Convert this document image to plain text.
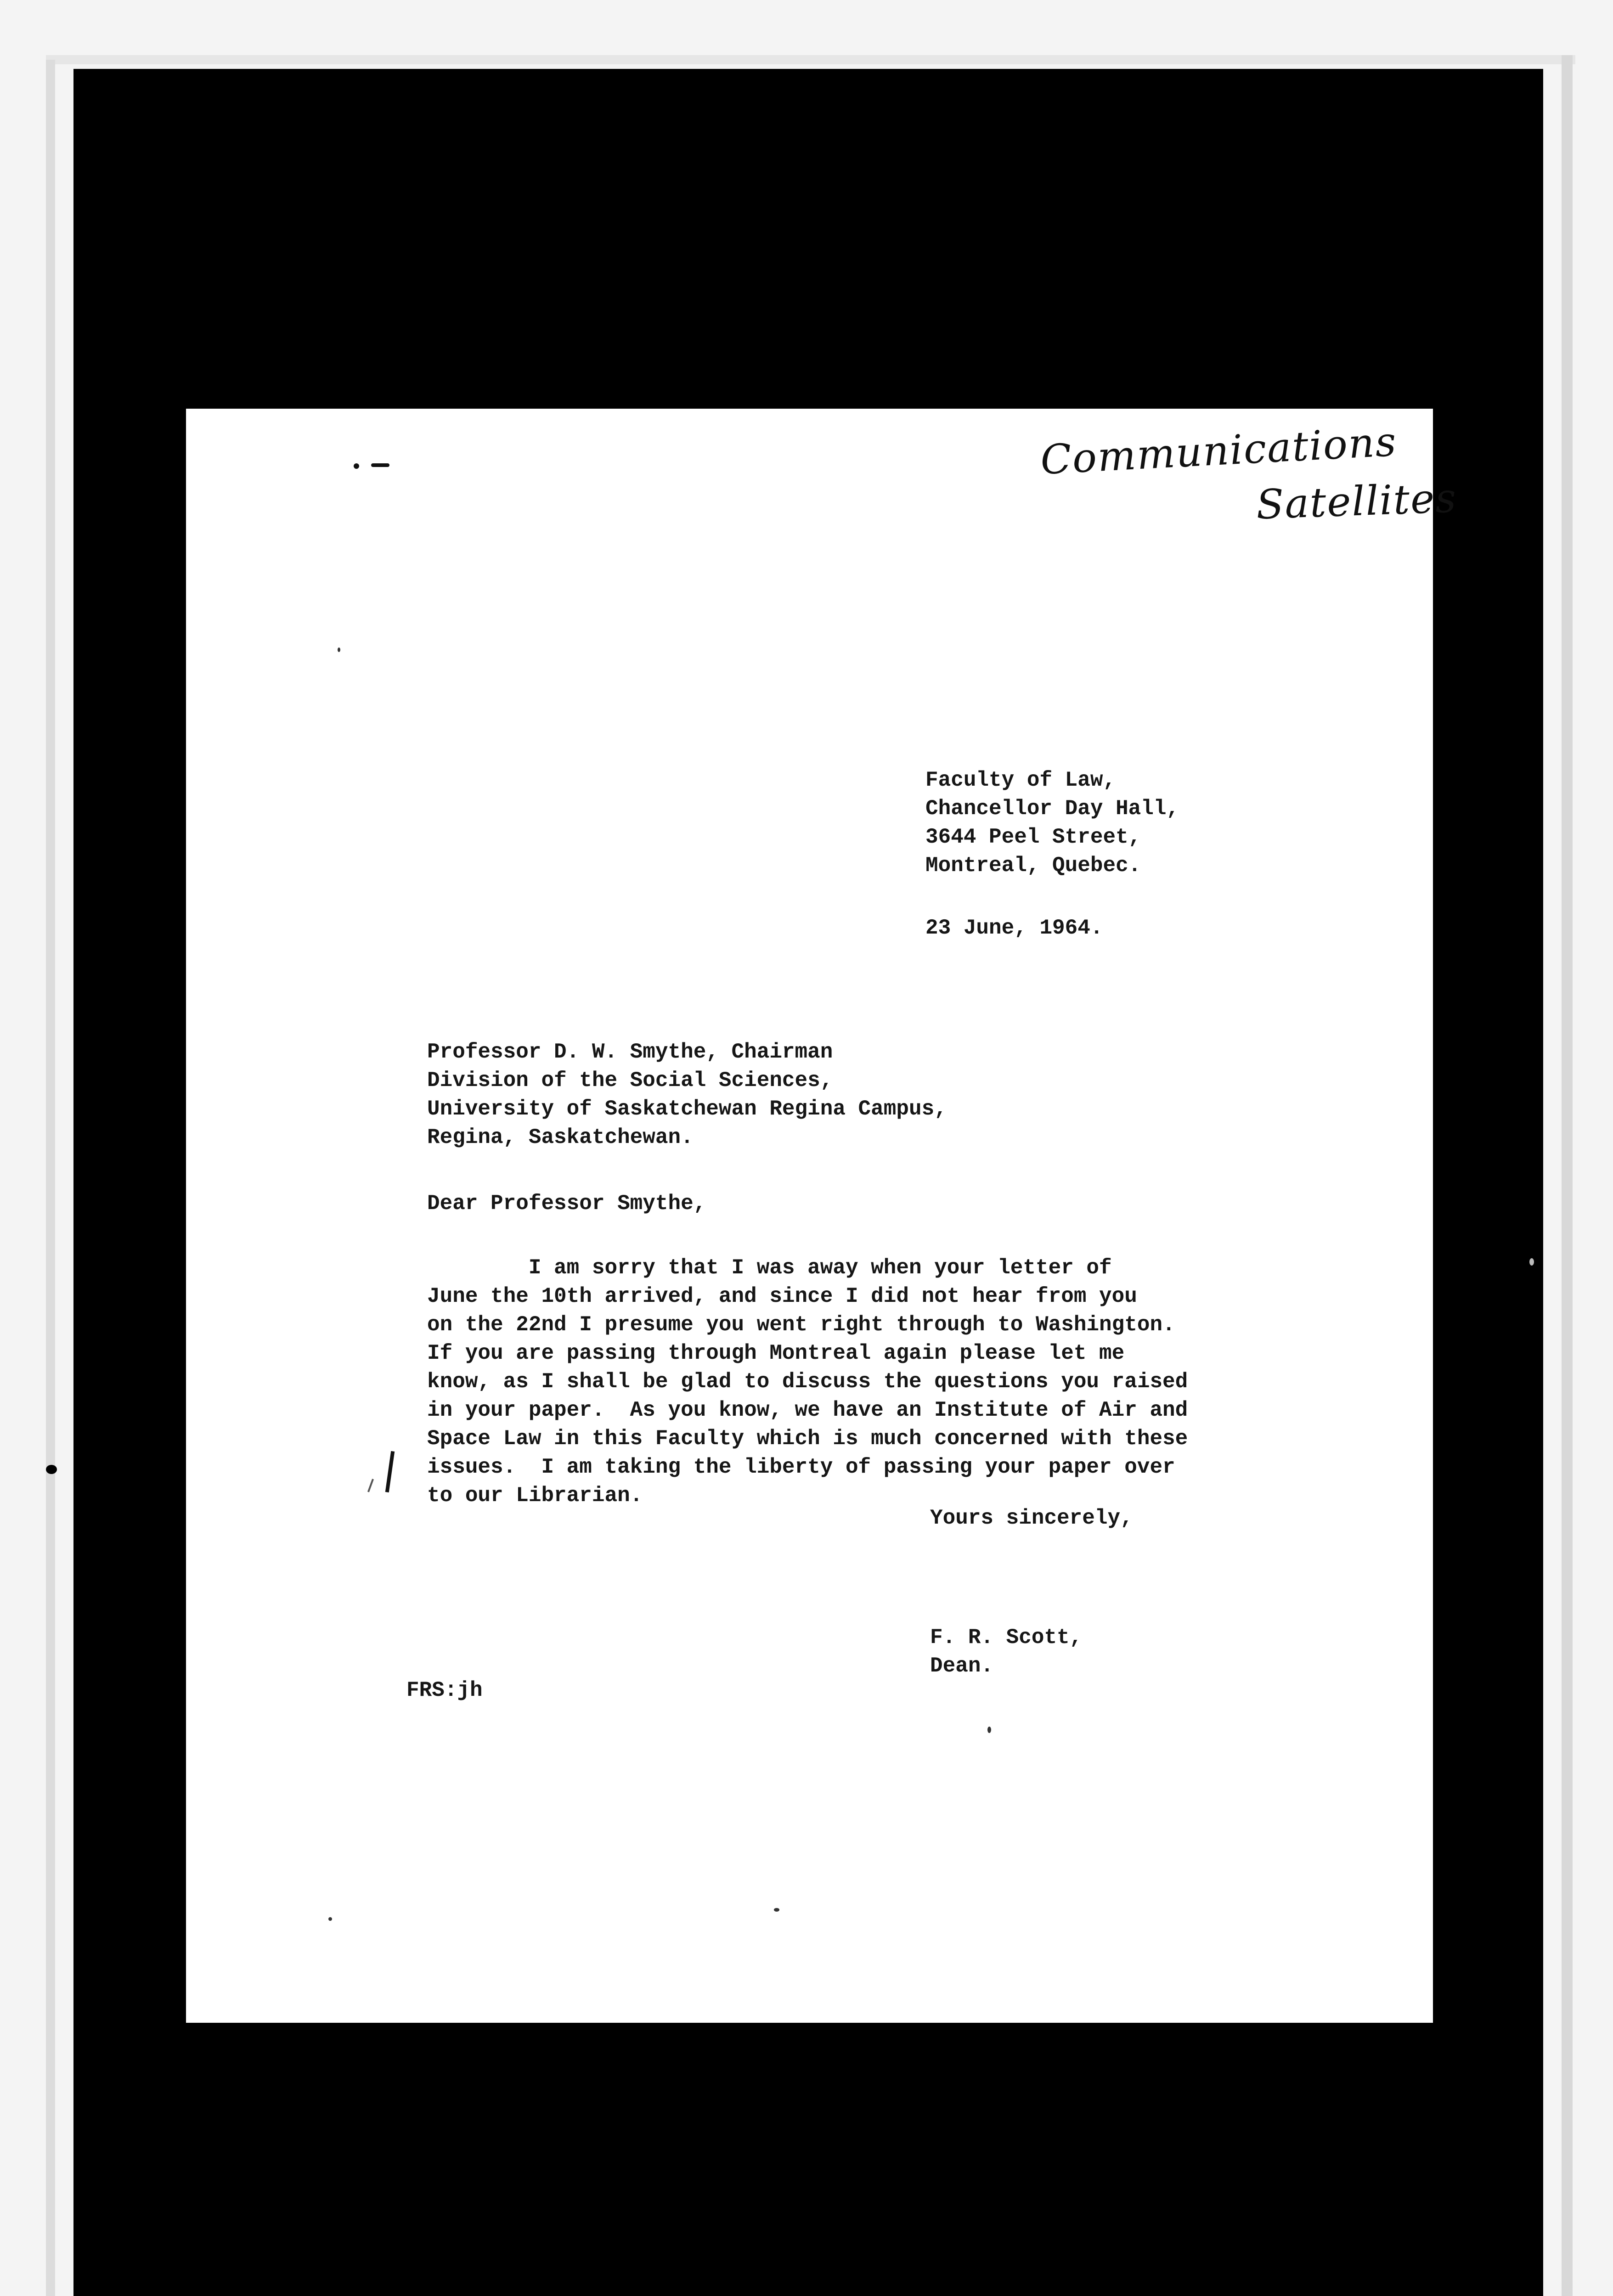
Communications
Satellites
Faculty of Law,
Chancellor Day Hall,
3644 Peel Street,
Montreal, Quebec.
23 June, 1964.
Professor D. W. Smythe, Chairman
Division of the Social Sciences,
University of Saskatchewan Regina Campus,
Regina, Saskatchewan.
Dear Professor Smythe,
I am sorry that I was away when your letter of
June the 10th arrived, and since I did not hear from you
on the 22nd I presume you went right through to Washington.
If you are passing through Montreal again please let me
know, as I shall be glad to discuss the questions you raised
in your paper.  As you know, we have an Institute of Air and
Space Law in this Faculty which is much concerned with these
issues.  I am taking the liberty of passing your paper over
to our Librarian.
Yours sincerely,
F. R. Scott,
Dean.
FRS:jh
